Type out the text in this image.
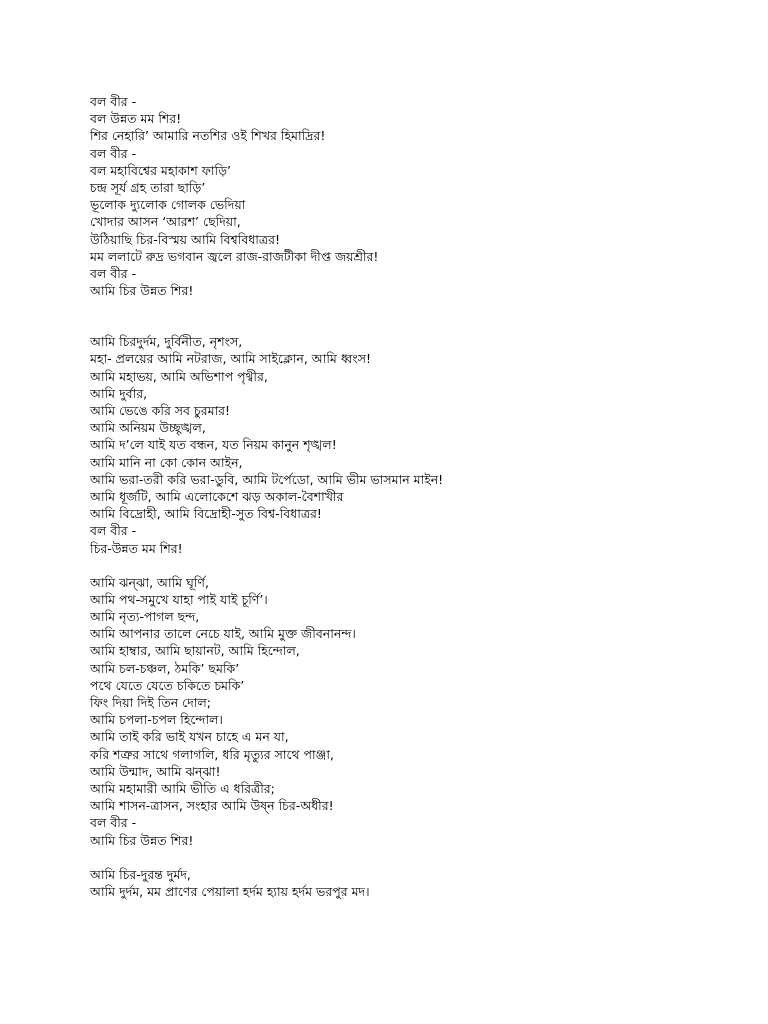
বল বীর -
বল উন্নত মম শির!
শির নেহারি’ আমারি নতশির ওই শিখর হিমাদ্রির!
বল বীর -
বল মহাবিশ্বের মহাকাশ ফাড়ি’
চন্দ্র সূর্য গ্রহ তারা ছাড়ি’
ভূলোক দ্যুলোক গোলক ভেদিয়া
খোদার আসন ‘আরশ’ ছেদিয়া,
উঠিয়াছি চির-বিস্ময় আমি বিশ্ববিধাত্রর!
মম ললাটে রুদ্র ভগবান জ্বলে রাজ-রাজটীকা দীপ্ত জয়শ্রীর!
বল বীর -
আমি চির উন্নত শির!
আমি চিরদুর্দম, দুর্বিনীত, নৃশংস,
মহা- প্রলয়ের আমি নটরাজ, আমি সাইক্লোন, আমি ধ্বংস!
আমি মহাভয়, আমি অভিশাপ পৃথ্বীর,
আমি দুর্বার,
আমি ভেঙে করি সব চুরমার!
আমি অনিয়ম উচ্ছৃঙ্খল,
আমি দ’লে যাই যত বন্ধন, যত নিয়ম কানুন শৃঙ্খল!
আমি মানি না কো কোন আইন,
আমি ভরা-তরী করি ভরা-ডুবি, আমি টর্পেডো, আমি ভীম ভাসমান মাইন!
আমি ধূর্জটি, আমি এলোকেশে ঝড় অকাল-বৈশাখীর
আমি বিদ্রোহী, আমি বিদ্রোহী-সুত বিশ্ব-বিধাত্রর!
বল বীর -
চির-উন্নত মম শির!
আমি ঝন্ঝা, আমি ঘূর্ণি,
আমি পথ-সমুখে যাহা পাই যাই চূর্ণি’।
আমি নৃত্য-পাগল ছন্দ,
আমি আপনার তালে নেচে যাই, আমি মুক্ত জীবনানন্দ।
আমি হাম্বার, আমি ছায়ানট, আমি হিন্দোল,
আমি চল-চঞ্চল, ঠমকি’ ছমকি’
পথে যেতে যেতে চকিতে চমকি’
ফিং দিয়া দিই তিন দোল;
আমি চপলা-চপল হিন্দোল।
আমি তাই করি ভাই যখন চাহে এ মন যা,
করি শত্রুর সাথে গলাগলি, ধরি মৃত্যুর সাথে পাঞ্জা,
আমি উন্মাদ, আমি ঝন্ঝা!
আমি মহামারী আমি ভীতি এ ধরিত্রীর;
আমি শাসন-ত্রাসন, সংহার আমি উষ্ন চির-অধীর!
বল বীর -
আমি চির উন্নত শির!
আমি চির-দুরন্ত দুর্মদ,
আমি দুর্দম, মম প্রাণের পেয়ালা হর্দম হ্যায় হর্দম ভরপুর মদ।
